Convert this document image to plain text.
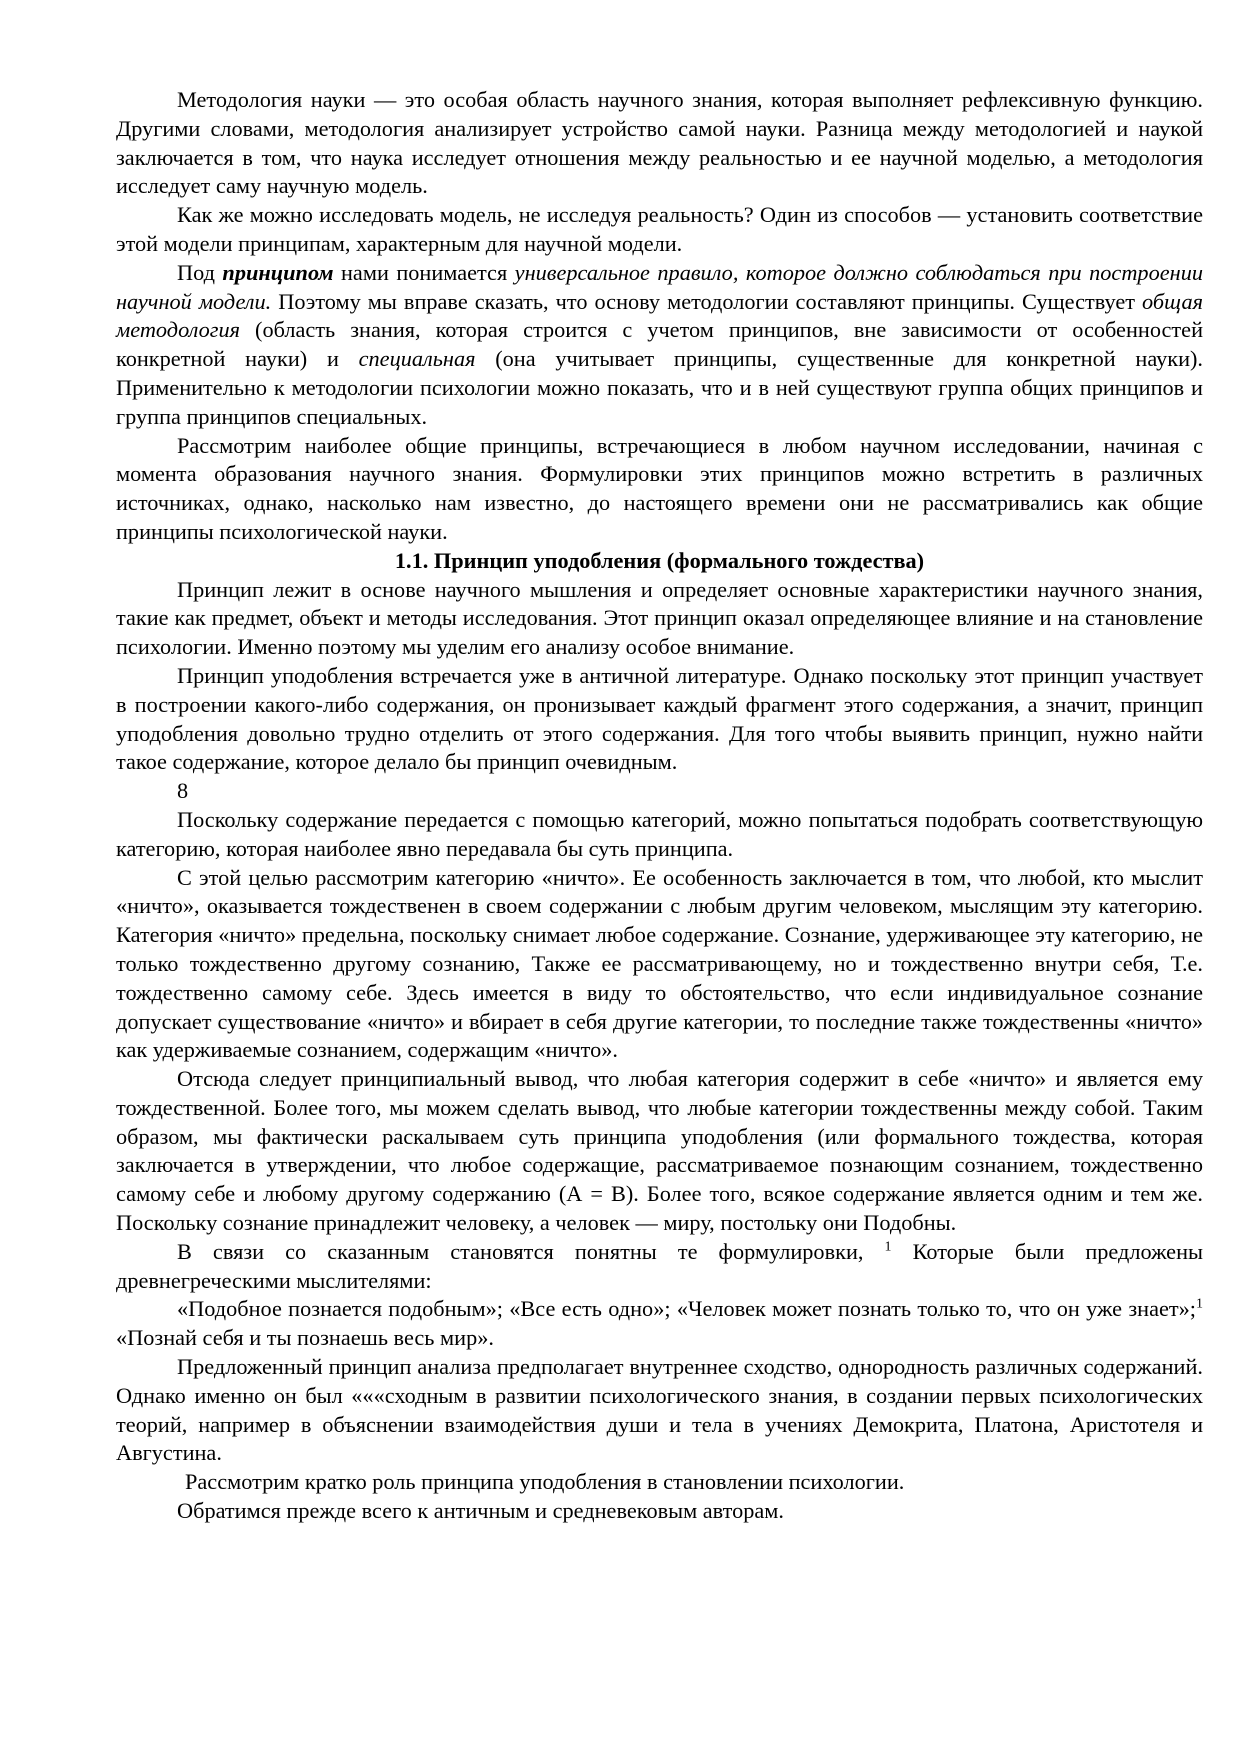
Методология науки — это особая область научного знания, которая выполняет рефлексивную функцию. Другими словами, методология анализирует устройство самой науки. Разница между методологией и наукой заключается в том, что наука исследует отношения между реальностью и ее научной моделью, а методология исследует саму научную модель.

Как же можно исследовать модель, не исследуя реальность? Один из способов — установить соответствие этой модели принципам, характерным для научной модели.

Под принципом нами понимается универсальное правило, которое должно соблюдаться при построении научной модели. Поэтому мы вправе сказать, что основу методологии составляют принципы. Существует общая методология (область знания, которая строится с учетом принципов, вне зависимости от особенностей конкретной науки) и специальная (она учитывает принципы, существенные для конкретной науки). Применительно к методологии психологии можно показать, что и в ней существуют группа общих принципов и группа принципов специальных.

Рассмотрим наиболее общие принципы, встречающиеся в любом научном исследовании, начиная с момента образования научного знания. Формулировки этих принципов можно встретить в различных источниках, однако, насколько нам известно, до настоящего времени они не рассматривались как общие принципы психологической науки.

1.1. Принцип уподобления (формального тождества)

Принцип лежит в основе научного мышления и определяет основные характеристики научного знания, такие как предмет, объект и методы исследования. Этот принцип оказал определяющее влияние и на становление психологии. Именно поэтому мы уделим его анализу особое внимание.

Принцип уподобления встречается уже в античной литературе. Однако поскольку этот принцип участвует в построении какого-либо содержания, он пронизывает каждый фрагмент этого содержания, а значит, принцип уподобления довольно трудно отделить от этого содержания. Для того чтобы выявить принцип, нужно найти такое содержание, которое делало бы принцип очевидным.

8

Поскольку содержание передается с помощью категорий, можно попытаться подобрать соответствующую категорию, которая наиболее явно передавала бы суть принципа.

С этой целью рассмотрим категорию «ничто». Ее особенность заключается в том, что любой, кто мыслит «ничто», оказывается тождественен в своем содержании с любым другим человеком, мыслящим эту категорию. Категория «ничто» предельна, поскольку снимает любое содержание. Сознание, удерживающее эту категорию, не только тождественно другому сознанию, Также ее рассматривающему, но и тождественно внутри себя, Т.е. тождественно самому себе. Здесь имеется в виду то обстоятельство, что если индивидуальное сознание допускает существование «ничто» и вбирает в себя другие категории, то последние также тождественны «ничто» как удерживаемые сознанием, содержащим «ничто».

Отсюда следует принципиальный вывод, что любая категория содержит в себе «ничто» и является ему тождественной. Более того, мы можем сделать вывод, что любые категории тождественны между собой. Таким образом, мы фактически раскалываем суть принципа уподобления (или формального тождества, которая заключается в утверждении, что любое содержащие, рассматриваемое познающим сознанием, тождественно самому себе и любому другому содержанию (А = В). Более того, всякое содержание является одним и тем же. Поскольку сознание принадлежит человеку, а человек — миру, постольку они Подобны.

В связи со сказанным становятся понятны те формулировки, $^1$ Которые были предложены древнегреческими мыслителями:

«Подобное познается подобным»; «Все есть одно»; «Человек может познать только то, что он уже знает»;$^1$ «Познай себя и ты познаешь весь мир».

Предложенный принцип анализа предполагает внутреннее сходство, однородность различных содержаний. Однако именно он был «««сходным в развитии психологического знания, в создании первых психологических теорий, например в объяснении взаимодействия души и тела в учениях Демокрита, Платона, Аристотеля и Августина.

Рассмотрим кратко роль принципа уподобления в становлении психологии.

Обратимся прежде всего к античным и средневековым авторам.
